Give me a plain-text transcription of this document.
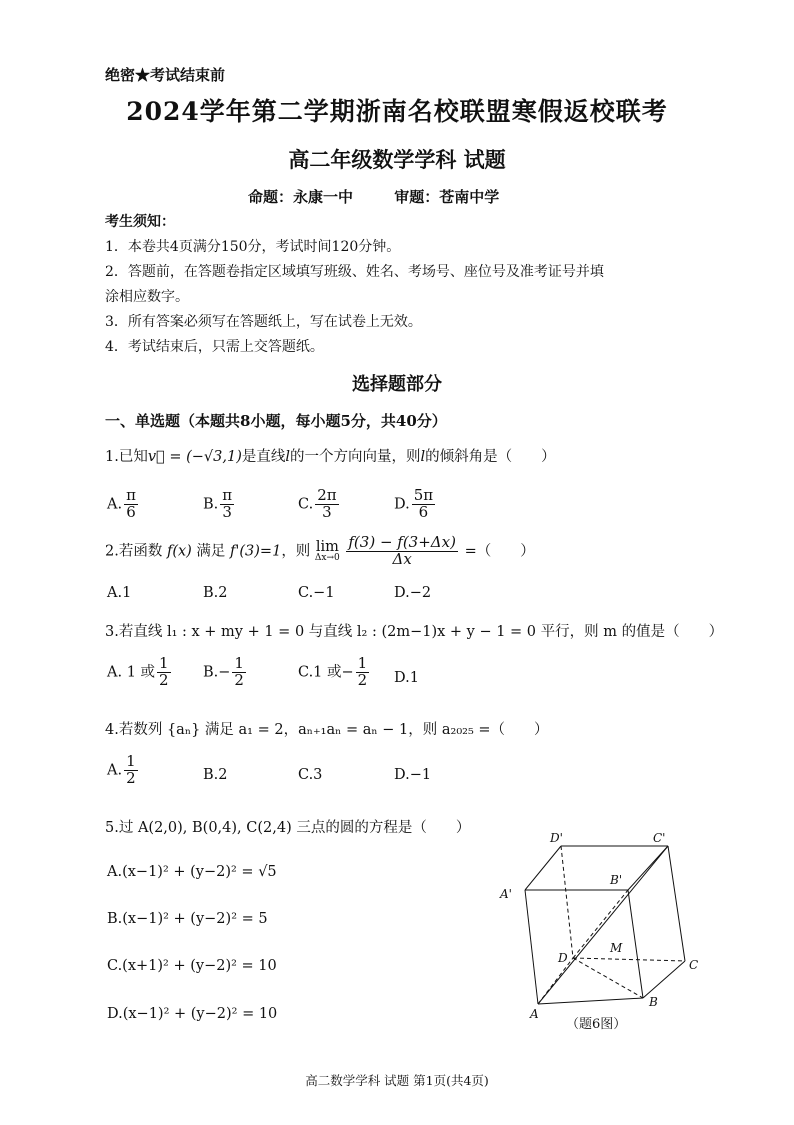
绝密★考试结束前
2024学年第二学期浙南名校联盟寒假返校联考
高二年级数学学科 试题
命题：永康一中	审题：苍南中学
考生须知：
1．本卷共4页满分150分，考试时间120分钟。
2．答题前，在答题卷指定区域填写班级、姓名、考场号、座位号及准考证号并填
涂相应数字。
3．所有答案必须写在答题纸上，写在试卷上无效。
4．考试结束后，只需上交答题纸。
选择题部分
一、单选题（本题共8小题，每小题5分，共40分）
1.已知v⃗ = (−√3,1)是直线l的一个方向向量，则l的倾斜角是（　　）
A. $\frac{\pi}{6}$	B. $\frac{\pi}{3}$	C. $\frac{2\pi}{3}$	D. $\frac{5\pi}{6}$
2.若函数 f(x) 满足 f'(3)=1，则 lim
Δx→0
$\frac{f(3) - f(3+\Delta x)}{\Delta x}$ =（　　）
A.1	B.2	C.−1	D.−2
3.若直线 l₁ : x + my + 1 = 0 与直线 l₂ : (2m−1)x + y − 1 = 0 平行，则 m 的值是（　　）
A. 1 或 $\frac{1}{2} B.- \frac{1}{2}$	C.1 或− $\frac{1}{2} D.1$
4.若数列 {aₙ} 满足 a₁ = 2，aₙ₊₁aₙ = aₙ − 1，则 a₂₀₂₅ =（　　）
A. $\frac{1}{2}$	B.2	C.3	D.−1
5.过 A(2,0), B(0,4), C(2,4) 三点的圆的方程是（　　）
A.(x−1)² + (y−2)² = √5
B.(x−1)² + (y−2)² = 5
C.(x+1)² + (y−2)² = 10
D.(x−1)² + (y−2)² = 10
D'	C'
B'
A'
D
M
C
A
B
（题6图）
高二数学学科 试题 第1页(共4页)
